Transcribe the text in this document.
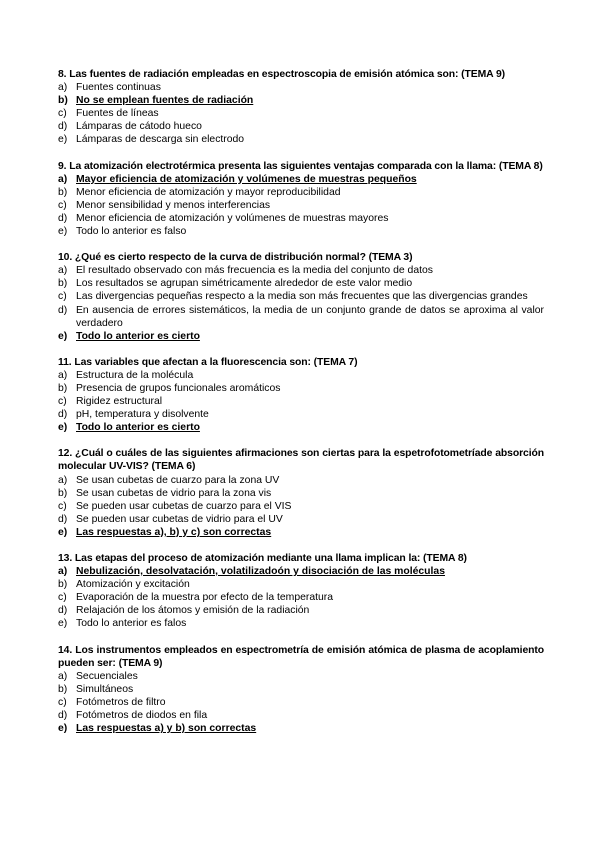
8. Las fuentes de radiación empleadas en espectroscopia de emisión atómica son: (TEMA 9)
a) Fuentes continuas
b) No se emplean fuentes de radiación
c) Fuentes de líneas
d) Lámparas de cátodo hueco
e) Lámparas de descarga sin electrodo
9. La atomización electrotérmica presenta las siguientes ventajas comparada con la llama: (TEMA 8)
a) Mayor eficiencia de atomización y volúmenes de muestras pequeños
b) Menor eficiencia de atomización y mayor reproducibilidad
c) Menor sensibilidad y menos interferencias
d) Menor eficiencia de atomización y volúmenes de muestras mayores
e) Todo lo anterior es falso
10. ¿Qué es cierto respecto de la curva de distribución normal? (TEMA 3)
a) El resultado observado con más frecuencia es la media del conjunto de datos
b) Los resultados se agrupan simétricamente alrededor de este valor medio
c) Las divergencias pequeñas respecto a la media son más frecuentes que las divergencias grandes
d) En ausencia de errores sistemáticos, la media de un conjunto grande de datos se aproxima al valor verdadero
e) Todo lo anterior es cierto
11. Las variables que afectan a la fluorescencia son: (TEMA 7)
a) Estructura de la molécula
b) Presencia de grupos funcionales aromáticos
c) Rigidez estructural
d) pH, temperatura y disolvente
e) Todo lo anterior es cierto
12. ¿Cuál o cuáles de las siguientes afirmaciones son ciertas para la espetrofotometríade absorción molecular UV-VIS? (TEMA 6)
a) Se usan cubetas de cuarzo para la zona UV
b) Se usan cubetas de vidrio para la zona vis
c) Se pueden usar cubetas de cuarzo para el VIS
d) Se pueden usar cubetas de vidrio para el UV
e) Las respuestas a), b) y c) son correctas
13. Las etapas del proceso de atomización mediante una llama implican la: (TEMA 8)
a) Nebulización, desolvatación, volatilizadoón y disociación de las moléculas
b) Atomización y excitación
c) Evaporación de la muestra por efecto de la temperatura
d) Relajación de los átomos y emisión de la radiación
e) Todo lo anterior es falos
14. Los instrumentos empleados en espectrometría de emisión atómica de plasma de acoplamiento pueden ser: (TEMA 9)
a) Secuenciales
b) Simultáneos
c) Fotómetros de filtro
d) Fotómetros de diodos en fila
e) Las respuestas a) y b) son correctas
